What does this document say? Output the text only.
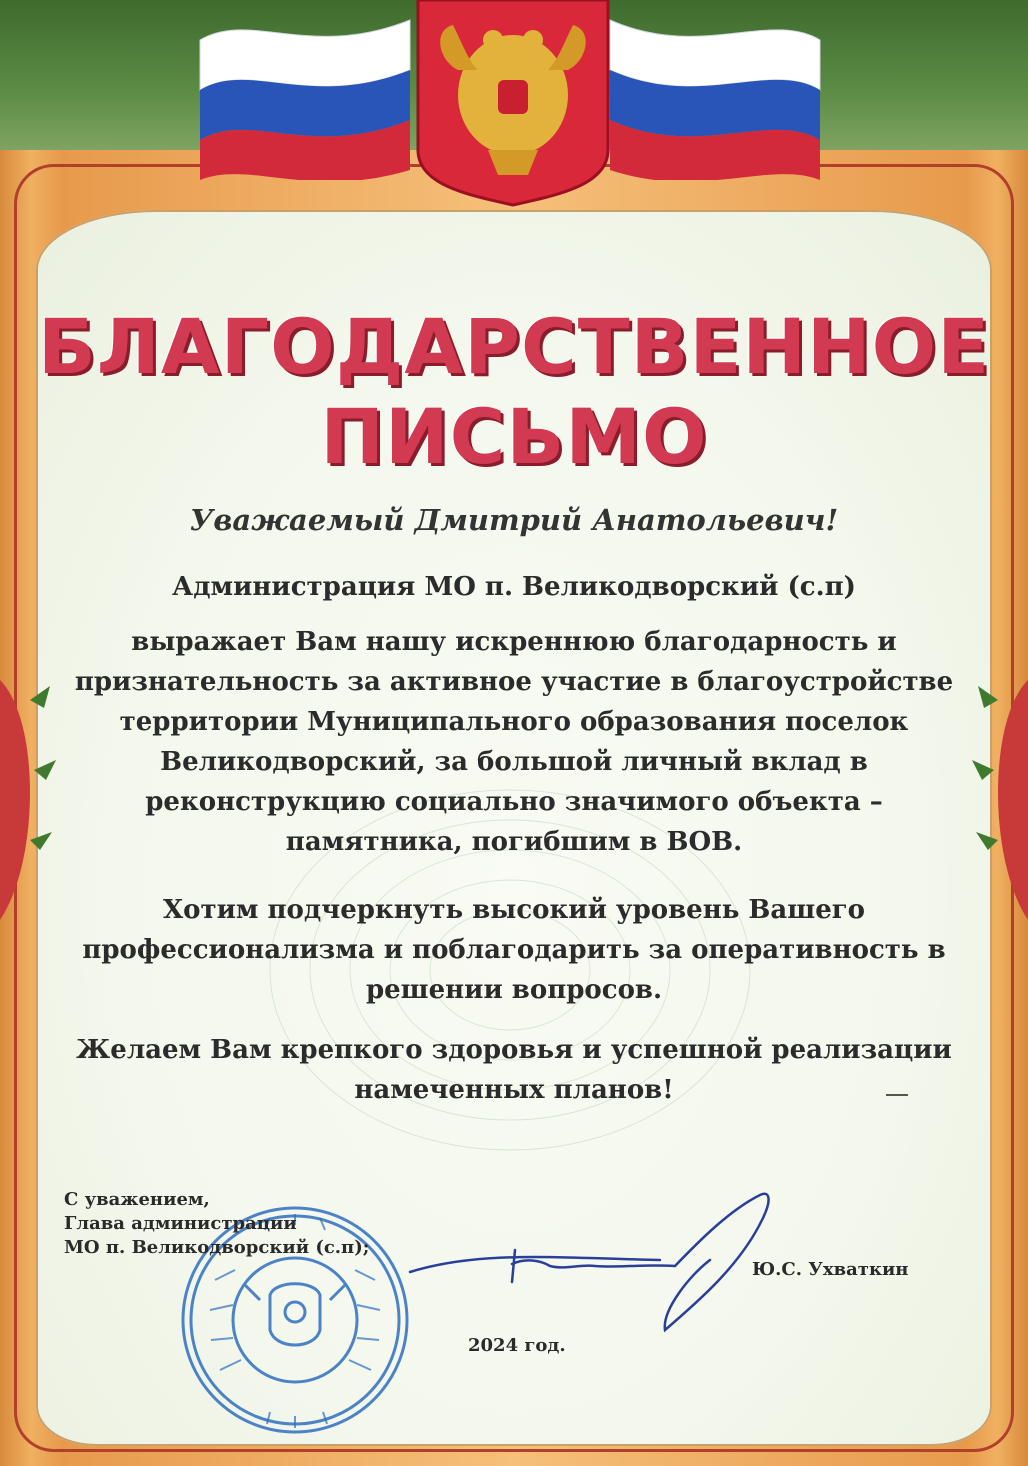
БЛАГОДАРСТВЕННОЕ
ПИСЬМО

Уважаемый Дмитрий Анатольевич!

Администрация МО п. Великодворский (с.п)

выражает Вам нашу искреннюю благодарность и
признательность за активное участие в благоустройстве
территории Муниципального образования поселок
Великодворский, за большой личный вклад в
реконструкцию социально значимого объекта –
памятника, погибшим в ВОВ.
Хотим подчеркнуть высокий уровень Вашего
профессионализма и поблагодарить за оперативность в
решении вопросов.
Желаем Вам крепкого здоровья и успешной реализации
намеченных планов!
С уважением,
Глава администрации
МО п. Великодворский (с.п);
Ю.С. Ухваткин
2024 год.
